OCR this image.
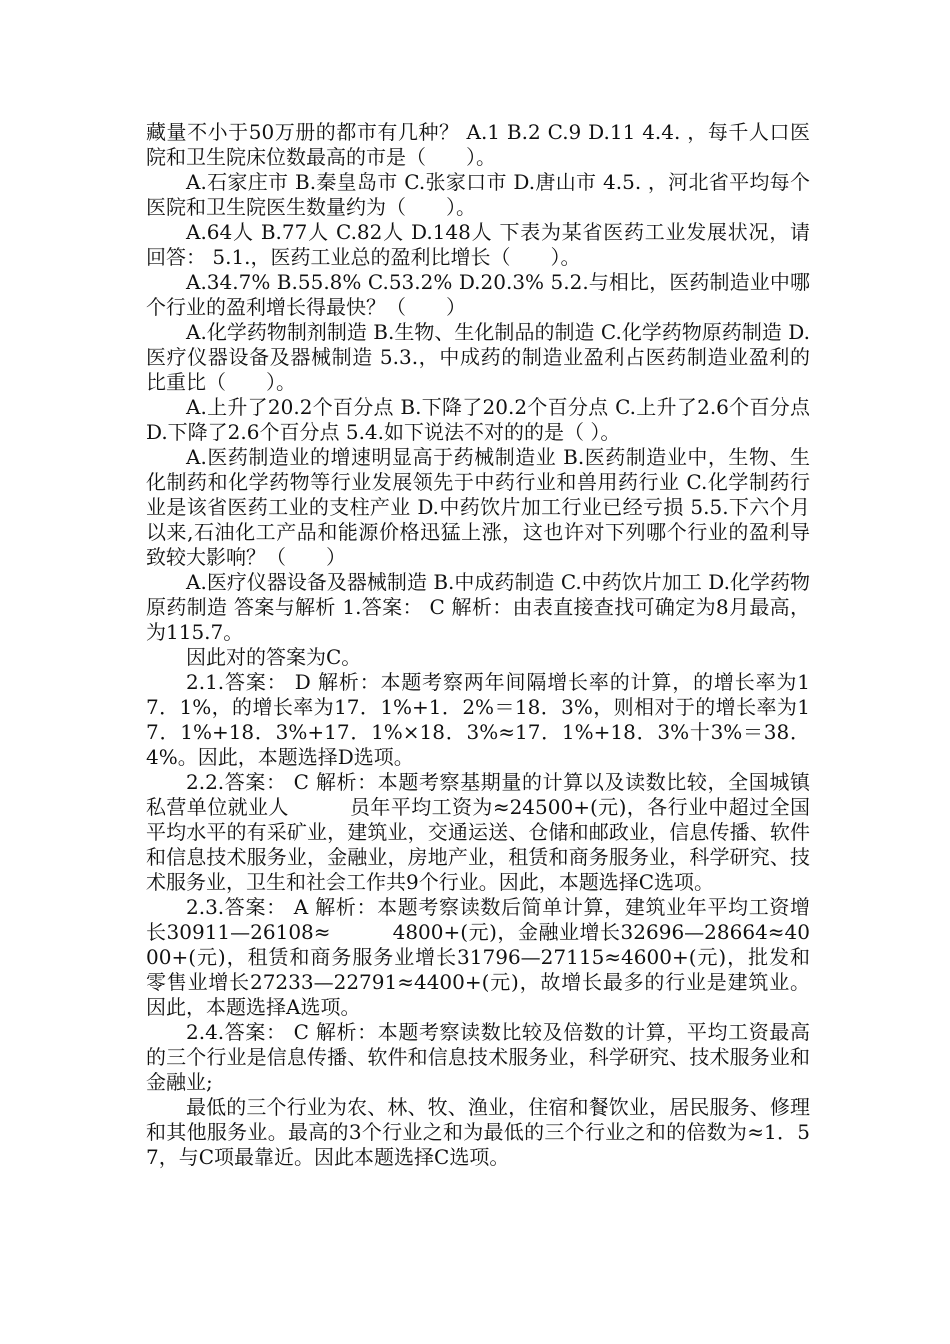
藏量不小于50万册的都市有几种？ A.1 B.2 C.9 D.11 4.4. ，每千人口医院和卫生院床位数最高的市是（　　）。

A.石家庄市 B.秦皇岛市 C.张家口市 D.唐山市 4.5. ，河北省平均每个医院和卫生院医生数量约为（　　）。

A.64人 B.77人 C.82人 D.148人 下表为某省医药工业发展状况，请回答： 5.1.，医药工业总的盈利比增长（　　）。

A.34.7% B.55.8% C.53.2% D.20.3% 5.2.与相比，医药制造业中哪个行业的盈利增长得最快？（　　）

A.化学药物制剂制造 B.生物、生化制品的制造 C.化学药物原药制造 D.医疗仪器设备及器械制造 5.3.，中成药的制造业盈利占医药制造业盈利的比重比（　　）。

A.上升了20.2个百分点 B.下降了20.2个百分点 C.上升了2.6个百分点 D.下降了2.6个百分点 5.4.如下说法不对的的是（ ）。

A.医药制造业的增速明显高于药械制造业 B.医药制造业中，生物、生化制药和化学药物等行业发展领先于中药行业和兽用药行业 C.化学制药行业是该省医药工业的支柱产业 D.中药饮片加工行业已经亏损 5.5.下六个月以来,石油化工产品和能源价格迅猛上涨，这也许对下列哪个行业的盈利导致较大影响？（　　）

A.医疗仪器设备及器械制造 B.中成药制造 C.中药饮片加工 D.化学药物原药制造 答案与解析 1.答案： C 解析：由表直接查找可确定为8月最高，为115.7。

因此对的答案为C。

2.1.答案： D 解析：本题考察两年间隔增长率的计算，的增长率为17．1%，的增长率为17．1%+1．2%＝18．3%，则相对于的增长率为17．1%+18．3%+17．1%×18．3%≈17．1%+18．3%十3%＝38．4%。因此，本题选择D选项。

2.2.答案： C 解析：本题考察基期量的计算以及读数比较，全国城镇私营单位就业人　　　员年平均工资为≈24500+(元)，各行业中超过全国平均水平的有采矿业，建筑业，交通运送、仓储和邮政业，信息传播、软件和信息技术服务业，金融业，房地产业，租赁和商务服务业，科学研究、技术服务业，卫生和社会工作共9个行业。因此，本题选择C选项。

2.3.答案： A 解析：本题考察读数后简单计算，建筑业年平均工资增长30911—26108≈　　　4800+(元)，金融业增长32696—28664≈4000+(元)，租赁和商务服务业增长31796—27115≈4600+(元)，批发和零售业增长27233—22791≈4400+(元)，故增长最多的行业是建筑业。因此，本题选择A选项。

2.4.答案： C 解析：本题考察读数比较及倍数的计算，平均工资最高的三个行业是信息传播、软件和信息技术服务业，科学研究、技术服务业和金融业;

最低的三个行业为农、林、牧、渔业，住宿和餐饮业，居民服务、修理和其他服务业。最高的3个行业之和为最低的三个行业之和的倍数为≈1．57，与C项最靠近。因此本题选择C选项。
